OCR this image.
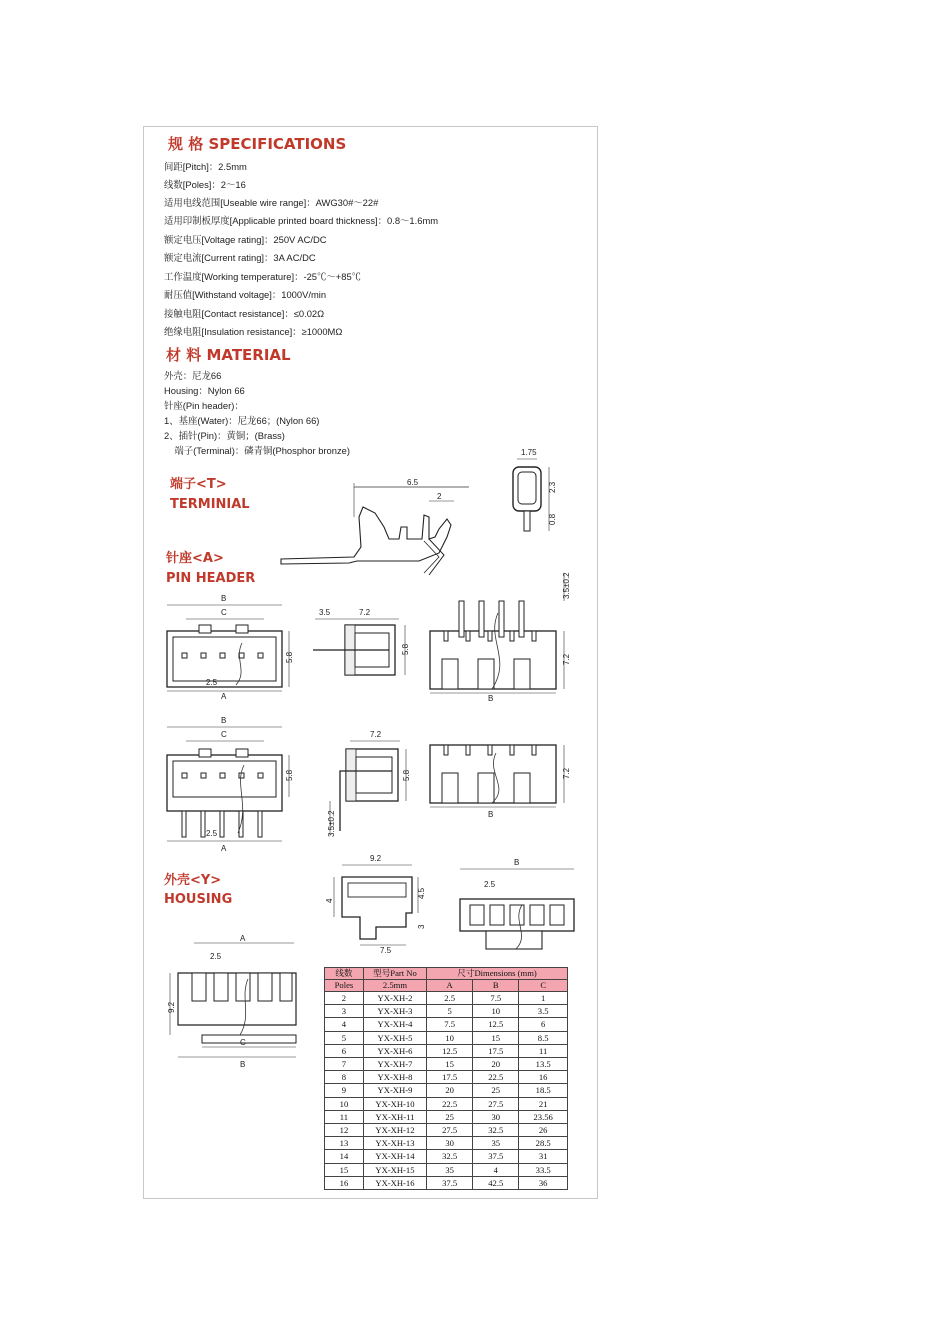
规 格 SPECIFICATIONS
间距[Pitch]：2.5mm
线数[Poles]：2～16
适用电线范围[Useable wire range]：AWG30#～22#
适用印制板厚度[Applicable printed board thickness]：0.8～1.6mm
额定电压[Voltage rating]：250V AC/DC
额定电流[Current rating]：3A AC/DC
工作温度[Working temperature]：-25℃～+85℃
耐压值[Withstand voltage]：1000V/min
接触电阻[Contact resistance]：≤0.02Ω
绝缘电阻[Insulation resistance]：≥1000MΩ
材 料 MATERIAL
外壳：尼龙66
Housing：Nylon 66
针座(Pin header)：
1、基座(Water)：尼龙66；(Nylon 66)
2、插针(Pin)：黄铜；(Brass)
端子(Terminal)：磷青铜(Phosphor bronze)
端子<T>
TERMINIAL
6.5
2
1.75
2.3
0.8
针座<A>
PIN HEADER
B
C
5.8
2.5
A
3.5	7.2
5.8
3.5±0.2
7.2
B
B
C
5.8
2.5
A
7.2
5.8
3.5±0.2
7.2
B
外壳<Y>
HOUSING
9.2
4
4.5
3
7.5
B
2.5
A
2.5
9.2
C
B
线数	型号Part No	尺寸Dimensions (mm)		
Poles	2.5mm	A	B	C
2	YX-XH-2	2.5	7.5	1
3	YX-XH-3	5	10	3.5
4	YX-XH-4	7.5	12.5	6
5	YX-XH-5	10	15	8.5
6	YX-XH-6	12.5	17.5	11
7	YX-XH-7	15	20	13.5
8	YX-XH-8	17.5	22.5	16
9	YX-XH-9	20	25	18.5
10	YX-XH-10	22.5	27.5	21
11	YX-XH-11	25	30	23.56
12	YX-XH-12	27.5	32.5	26
13	YX-XH-13	30	35	28.5
14	YX-XH-14	32.5	37.5	31
15	YX-XH-15	35	4	33.5
16	YX-XH-16	37.5	42.5	36
